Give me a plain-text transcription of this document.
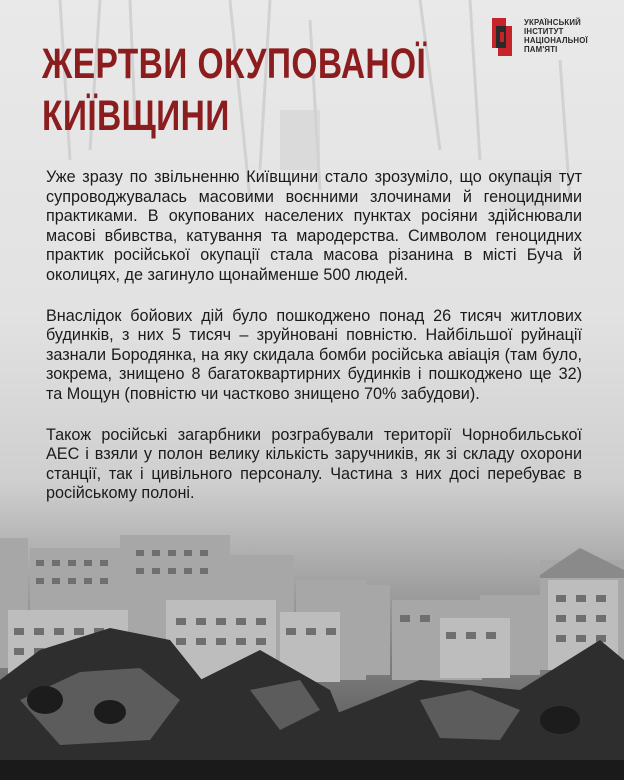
УКРАЇНСЬКИЙ
ІНСТИТУТ
НАЦІОНАЛЬНОЇ
ПАМ'ЯТІ
ЖЕРТВИ ОКУПОВАНОЇ
КИЇВЩИНИ

Уже зразу по звільненню Київщини стало зрозуміло, що окупація тут супроводжувалась масовими воєнними злочинами й геноцидними практиками. В окупованих населених пунктах росіяни здійснювали масові вбивства, катування та мародерства. Символом геноцидних практик російської окупації стала масова різанина в місті Буча й околицях, де загинуло щонайменше 500 людей.

Внаслідок бойових дій було пошкоджено понад 26 тисяч житлових будинків, з них 5 тисяч – зруйновані повністю. Найбільшої руйнації зазнали Бородянка, на яку скидала бомби російська авіація (там було, зокрема, знищено 8 багатоквартирних будинків і пошкоджено ще 32) та Мощун (повністю чи частково знищено 70% забудови).

Також російські загарбники розграбували території Чорнобильської АЕС і взяли у полон велику кількість заручників, як зі складу охорони станції, так і цивільного персоналу. Частина з них досі перебуває в російському полоні.
